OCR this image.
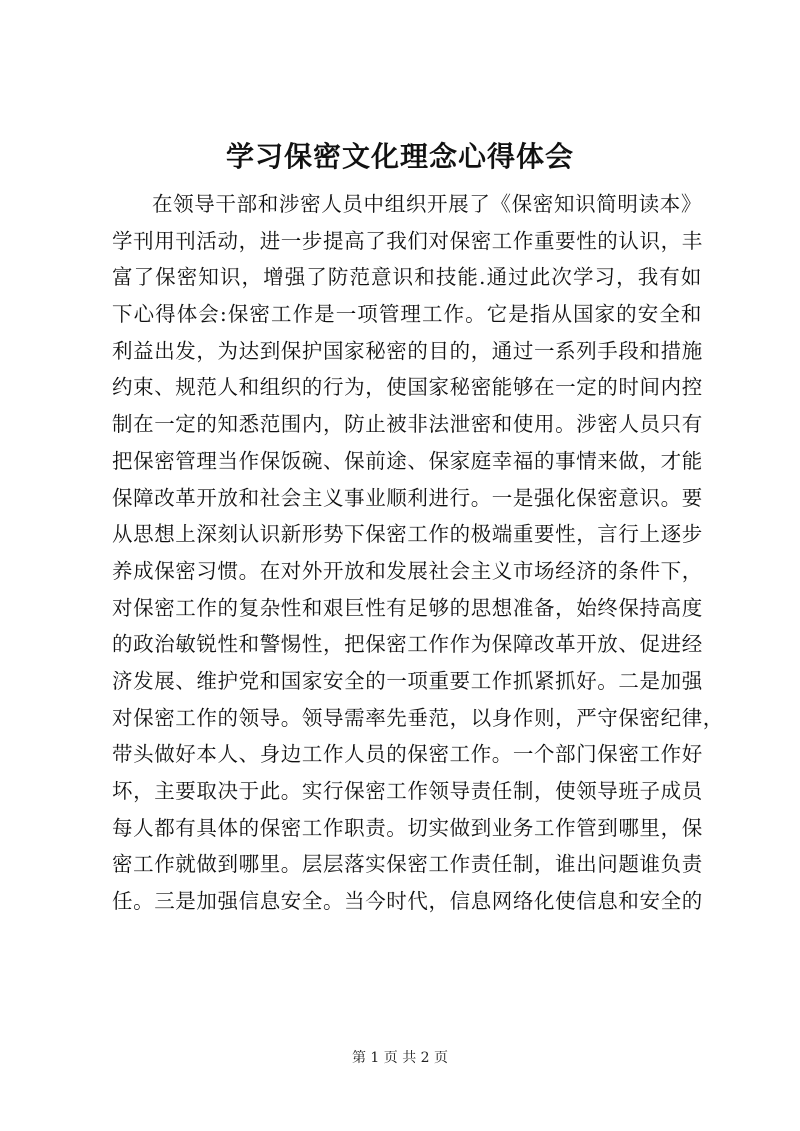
学习保密文化理念心得体会
在领导干部和涉密人员中组织开展了《保密知识简明读本》
学刊用刊活动，进一步提高了我们对保密工作重要性的认识，丰
富了保密知识，增强了防范意识和技能.通过此次学习，我有如
下心得体会:保密工作是一项管理工作。它是指从国家的安全和
利益出发，为达到保护国家秘密的目的，通过一系列手段和措施
约束、规范人和组织的行为，使国家秘密能够在一定的时间内控
制在一定的知悉范围内，防止被非法泄密和使用。涉密人员只有
把保密管理当作保饭碗、保前途、保家庭幸福的事情来做，才能
保障改革开放和社会主义事业顺利进行。一是强化保密意识。要
从思想上深刻认识新形势下保密工作的极端重要性，言行上逐步
养成保密习惯。在对外开放和发展社会主义市场经济的条件下，
对保密工作的复杂性和艰巨性有足够的思想准备，始终保持高度
的政治敏锐性和警惕性，把保密工作作为保障改革开放、促进经
济发展、维护党和国家安全的一项重要工作抓紧抓好。二是加强
对保密工作的领导。领导需率先垂范，以身作则，严守保密纪律，
带头做好本人、身边工作人员的保密工作。一个部门保密工作好
坏，主要取决于此。实行保密工作领导责任制，使领导班子成员
每人都有具体的保密工作职责。切实做到业务工作管到哪里，保
密工作就做到哪里。层层落实保密工作责任制，谁出问题谁负责
任。三是加强信息安全。当今时代，信息网络化使信息和安全的
第 1 页 共 2 页
